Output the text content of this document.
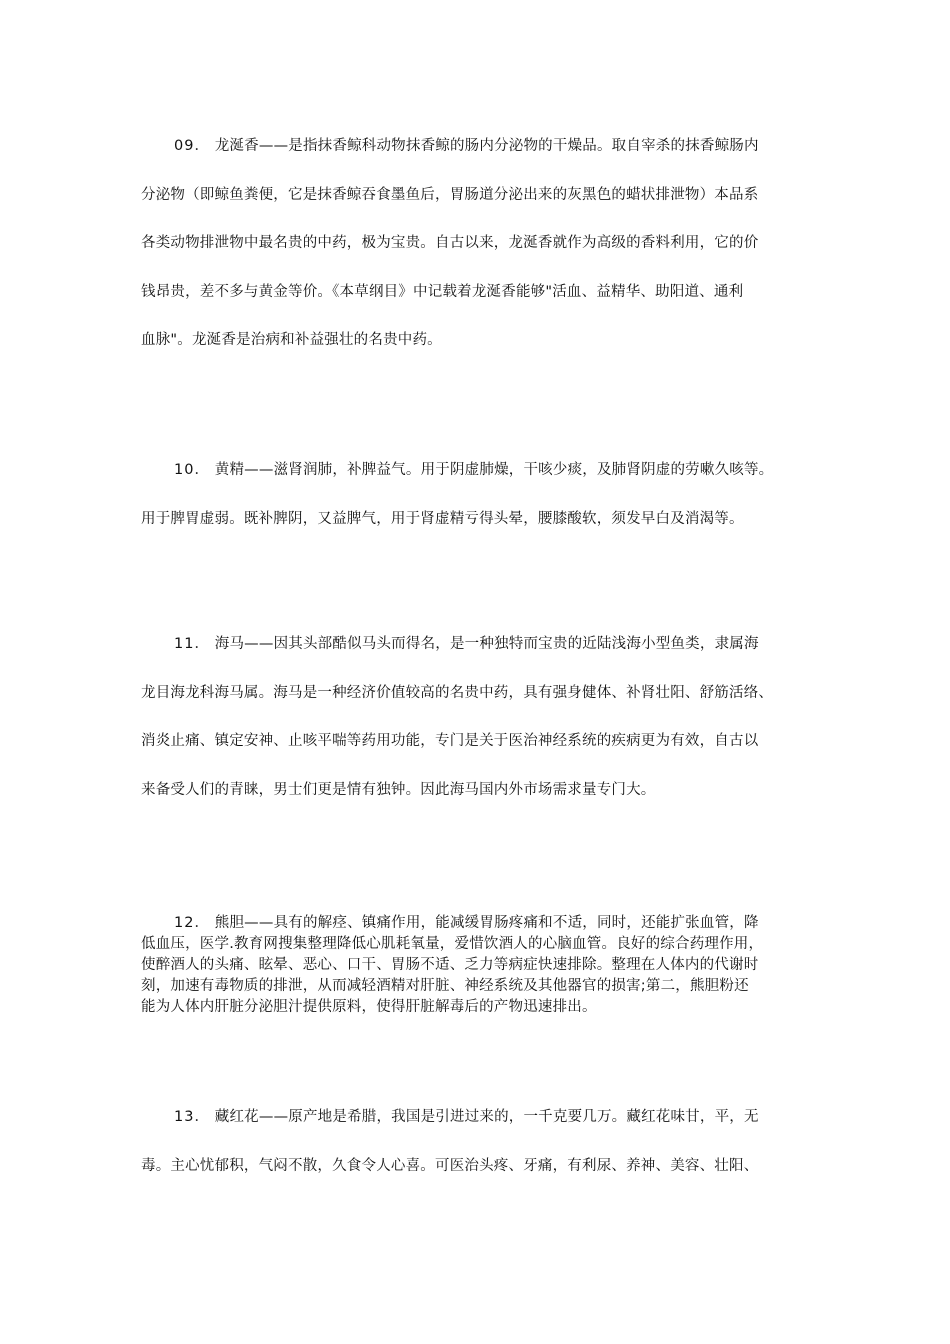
09． 龙涎香——是指抹香鲸科动物抹香鲸的肠内分泌物的干燥品。取自宰杀的抹香鲸肠内
分泌物（即鲸鱼粪便，它是抹香鲸吞食墨鱼后，胃肠道分泌出来的灰黑色的蜡状排泄物）本品系
各类动物排泄物中最名贵的中药，极为宝贵。自古以来，龙涎香就作为高级的香料利用，它的价
钱昂贵，差不多与黄金等价。《本草纲目》中记载着龙涎香能够"活血、益精华、助阳道、通利
血脉"。龙涎香是治病和补益强壮的名贵中药。
10． 黄精——滋肾润肺，补脾益气。用于阴虚肺燥，干咳少痰，及肺肾阴虚的劳嗽久咳等。
用于脾胃虚弱。既补脾阴，又益脾气，用于肾虚精亏得头晕，腰膝酸软，须发早白及消渴等。
11． 海马——因其头部酷似马头而得名，是一种独特而宝贵的近陆浅海小型鱼类，隶属海
龙目海龙科海马属。海马是一种经济价值较高的名贵中药，具有强身健体、补肾壮阳、舒筋活络、
消炎止痛、镇定安神、止咳平喘等药用功能，专门是关于医治神经系统的疾病更为有效，自古以
来备受人们的青睐，男士们更是情有独钟。因此海马国内外市场需求量专门大。
12． 熊胆——具有的解痉、镇痛作用，能减缓胃肠疼痛和不适，同时，还能扩张血管，降
低血压，医学.教育网搜集整理降低心肌耗氧量，爱惜饮酒人的心脑血管。良好的综合药理作用，
使醉酒人的头痛、眩晕、恶心、口干、胃肠不适、乏力等病症快速排除。整理在人体内的代谢时
刻，加速有毒物质的排泄，从而减轻酒精对肝脏、神经系统及其他器官的损害;第二，熊胆粉还
能为人体内肝脏分泌胆汁提供原料，使得肝脏解毒后的产物迅速排出。
13． 藏红花——原产地是希腊，我国是引进过来的，一千克要几万。藏红花味甘，平，无
毒。主心忧郁积，气闷不散，久食令人心喜。可医治头疼、牙痛，有利尿、养神、美容、壮阳、
